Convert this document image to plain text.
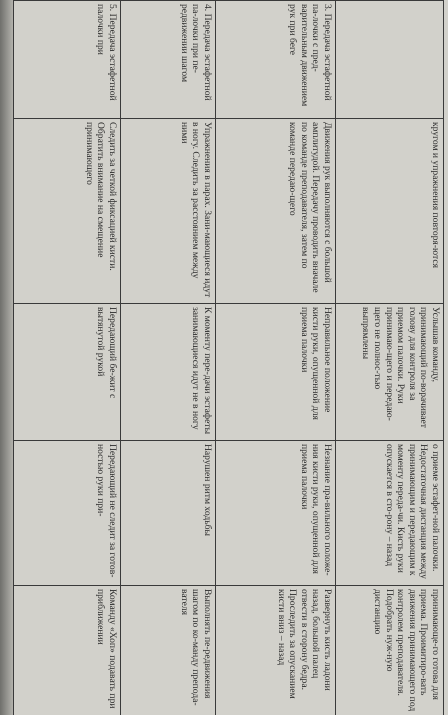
	кругом и упражнения повторя-ются	Услышав команду, принимающий по-ворачивает голову для контроля за приемом палочки. Руки принимаю-щего и передаю-щего не полнос-тью выпрямлены	о приеме эстафет-ной палочки. Недостаточная дистанция между принимающим и передающим к моменту переда-чи. Кисть руки опускается в сто-рону – назад	принимающе-го готова для приема. Проимитиро-вать движения принимающего под контролем преподавателя. Подобрать нуж-ную дистанцию

3. Передача эстафетной па-лочки с пред-варительным движением рук при беге	Движения рук выполняются с большой амплитудой. Передачу проводить вначале по команде преподавателя, затем по команде передаю-щего	Неправильное положение кисти руки, опущенной для приема палочки	Незнание пра-вильного положе-ния кисти руки, опущенной для приема палочки	Развернуть кисть ладони назад, большой палец отвести в сторону бедра. Проследить за опусканием кисти вниз – назад

4. Передача эстафетной па-лочки при пе-редвижении шагом	Упражнения в парах. Зани-мающиеся идут в ногу. Следить за расстоянием между ними	К моменту пере-дачи эстафеты занимающиеся идут не в ногу	Нарушен ритм ходьбы	Выполнять пе-редвижения шагом по ко-манду препода-вателя

5. Передача эстафетной палочки при	Следить за четкой фиксацией кисти. Обратить внимание на смещение принимающего	Передающий бе-жит с вытянутой рукой	Передающий не следит за готов-ностью руки при-	Команду «Хоп» подавать при приближении
